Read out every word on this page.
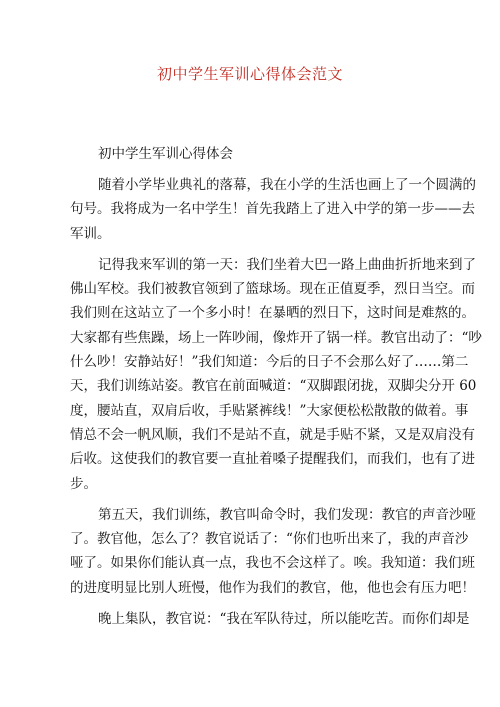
初中学生军训心得体会范文
初中学生军训心得体会
随着小学毕业典礼的落幕，我在小学的生活也画上了一个圆满的
句号。我将成为一名中学生！首先我踏上了进入中学的第一步——去
军训。
记得我来军训的第一天：我们坐着大巴一路上曲曲折折地来到了
佛山军校。我们被教官领到了篮球场。现在正值夏季，烈日当空。而
我们则在这站立了一个多小时！在暴晒的烈日下，这时间是难熬的。
大家都有些焦躁，场上一阵吵闹，像炸开了锅一样。教官出动了：“吵
什么吵！安静站好！”我们知道：今后的日子不会那么好了……第二
天，我们训练站姿。教官在前面喊道：“双脚跟闭拢，双脚尖分开 60
度，腰站直，双肩后收，手贴紧裤线！”大家便松松散散的做着。事
情总不会一帆风顺，我们不是站不直，就是手贴不紧，又是双肩没有
后收。这使我们的教官要一直扯着嗓子提醒我们，而我们，也有了进
步。
第五天，我们训练，教官叫命令时，我们发现：教官的声音沙哑
了。教官他，怎么了？教官说话了：“你们也听出来了，我的声音沙
哑了。如果你们能认真一点，我也不会这样了。唉。我知道：我们班
的进度明显比别人班慢，他作为我们的教官，他，他也会有压力吧！
晚上集队，教官说：“我在军队待过，所以能吃苦。而你们却是
